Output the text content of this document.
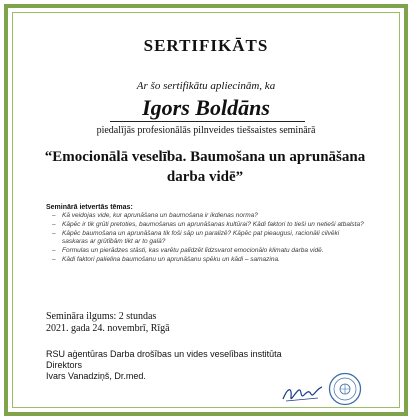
SERTIFIKĀTS
Ar šo sertifikātu apliecinām, ka
Igors Boldāns
piedalījās profesionālās pilnveides tiešsaistes seminārā
“Emocionālā veselība. Baumošana un aprunāšana darba vidē”
Seminārā ietvertās tēmas:
– Kā veidojas vide, kur aprunāšana un baumošana ir ikdienas norma?
– Kāpēc ir tik grūti pretoties, baumošanas un aprunāšanas kultūrai? Kādi faktori to tieši un netieši atbalsta?
– Kāpēc baumošana un aprunāšana tik foši sāp un paralizē? Kāpēc pat pieaugusi, racionāli cilvēki saskaras ar grūtībām tikt ar to galā?
– Formulas un pierādzes stāsti, kas varētu palīdzēt līdzsvarot emocionālo klimatu darba vidē.
– Kādi faktori palielina baumošanu un aprunāšanu spēku un kādi – samazina.
Semināra ilgums: 2 stundas
2021. gada 24. novembrī, Rīgā
RSU aģentūras Darba drošības un vides veselības institūta
Direktors
Ivars Vanadziņš, Dr.med.
